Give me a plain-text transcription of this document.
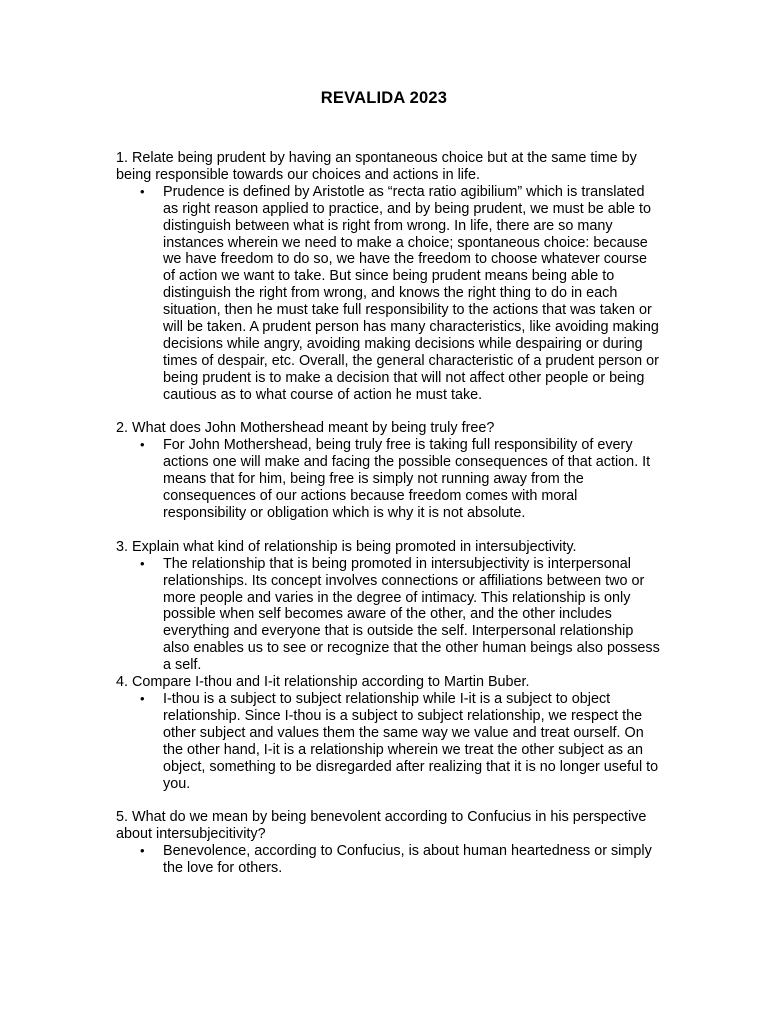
REVALIDA 2023

1. Relate being prudent by having an spontaneous choice but at the same time by being responsible towards our choices and actions in life.

• Prudence is defined by Aristotle as “recta ratio agibilium” which is translated as right reason applied to practice, and by being prudent, we must be able to distinguish between what is right from wrong. In life, there are so many instances wherein we need to make a choice; spontaneous choice: because we have freedom to do so, we have the freedom to choose whatever course of action we want to take. But since being prudent means being able to distinguish the right from wrong, and knows the right thing to do in each situation, then he must take full responsibility to the actions that was taken or will be taken. A prudent person has many characteristics, like avoiding making decisions while angry, avoiding making decisions while despairing or during times of despair, etc. Overall, the general characteristic of a prudent person or being prudent is to make a decision that will not affect other people or being cautious as to what course of action he must take.

2. What does John Mothershead meant by being truly free?

• For John Mothershead, being truly free is taking full responsibility of every actions one will make and facing the possible consequences of that action. It means that for him, being free is simply not running away from the consequences of our actions because freedom comes with moral responsibility or obligation which is why it is not absolute.

3. Explain what kind of relationship is being promoted in intersubjectivity.

• The relationship that is being promoted in intersubjectivity is interpersonal relationships. Its concept involves connections or affiliations between two or more people and varies in the degree of intimacy. This relationship is only possible when self becomes aware of the other, and the other includes everything and everyone that is outside the self. Interpersonal relationship also enables us to see or recognize that the other human beings also possess a self.

4. Compare I-thou and I-it relationship according to Martin Buber.

• I-thou is a subject to subject relationship while I-it is a subject to object relationship. Since I-thou is a subject to subject relationship, we respect the other subject and values them the same way we value and treat ourself. On the other hand, I-it is a relationship wherein we treat the other subject as an object, something to be disregarded after realizing that it is no longer useful to you.

5. What do we mean by being benevolent according to Confucius in his perspective about intersubjecitivity?

• Benevolence, according to Confucius, is about human heartedness or simply the love for others.
